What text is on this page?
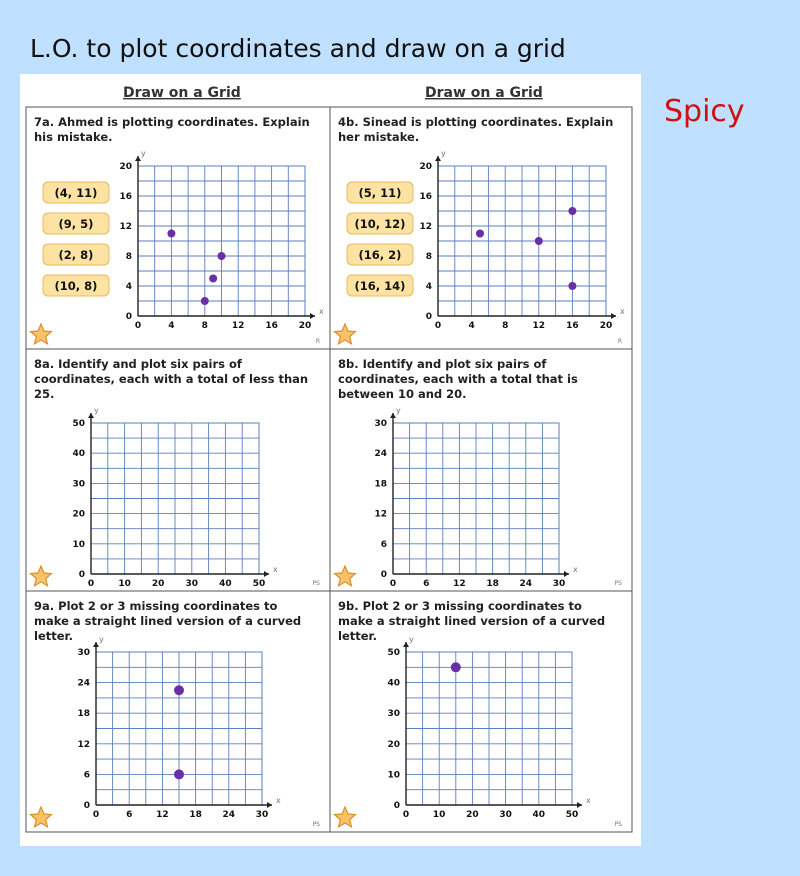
L.O. to plot coordinates and draw on a grid
Spicy
Draw on a Grid	Draw on a Grid
7a. Ahmed is plotting coordinates. Explain
his mistake.
(4, 11)
(9, 5)
(2, 8)
(10, 8)
R
x
y
0	4	8	12 16 20
4
8
12
16
20
0
4b. Sinead is plotting coordinates. Explain
her mistake.
(5, 11)
(10, 12)
(16, 2)
(16, 14)
R
x
y
0	4	8	12 16 20
4
8
12
16
20
0
8a. Identify and plot six pairs of
coordinates, each with a total of less than
25.
PS
x
y
0	10 20 30 40 50
10
20
30
40
50
0
8b. Identify and plot six pairs of
coordinates, each with a total that is
between 10 and 20.
PS
x
y
0	6	12 18 24 30
6
12
18
24
30
0
9a. Plot 2 or 3 missing coordinates to
make a straight lined version of a curved
letter.
PS
x
y
0	6	12 18 24 30
6
12
18
24
30
0
9b. Plot 2 or 3 missing coordinates to
make a straight lined version of a curved
letter.
PS
x
y
0	10 20 30 40 50
10
20
30
40
50
0
